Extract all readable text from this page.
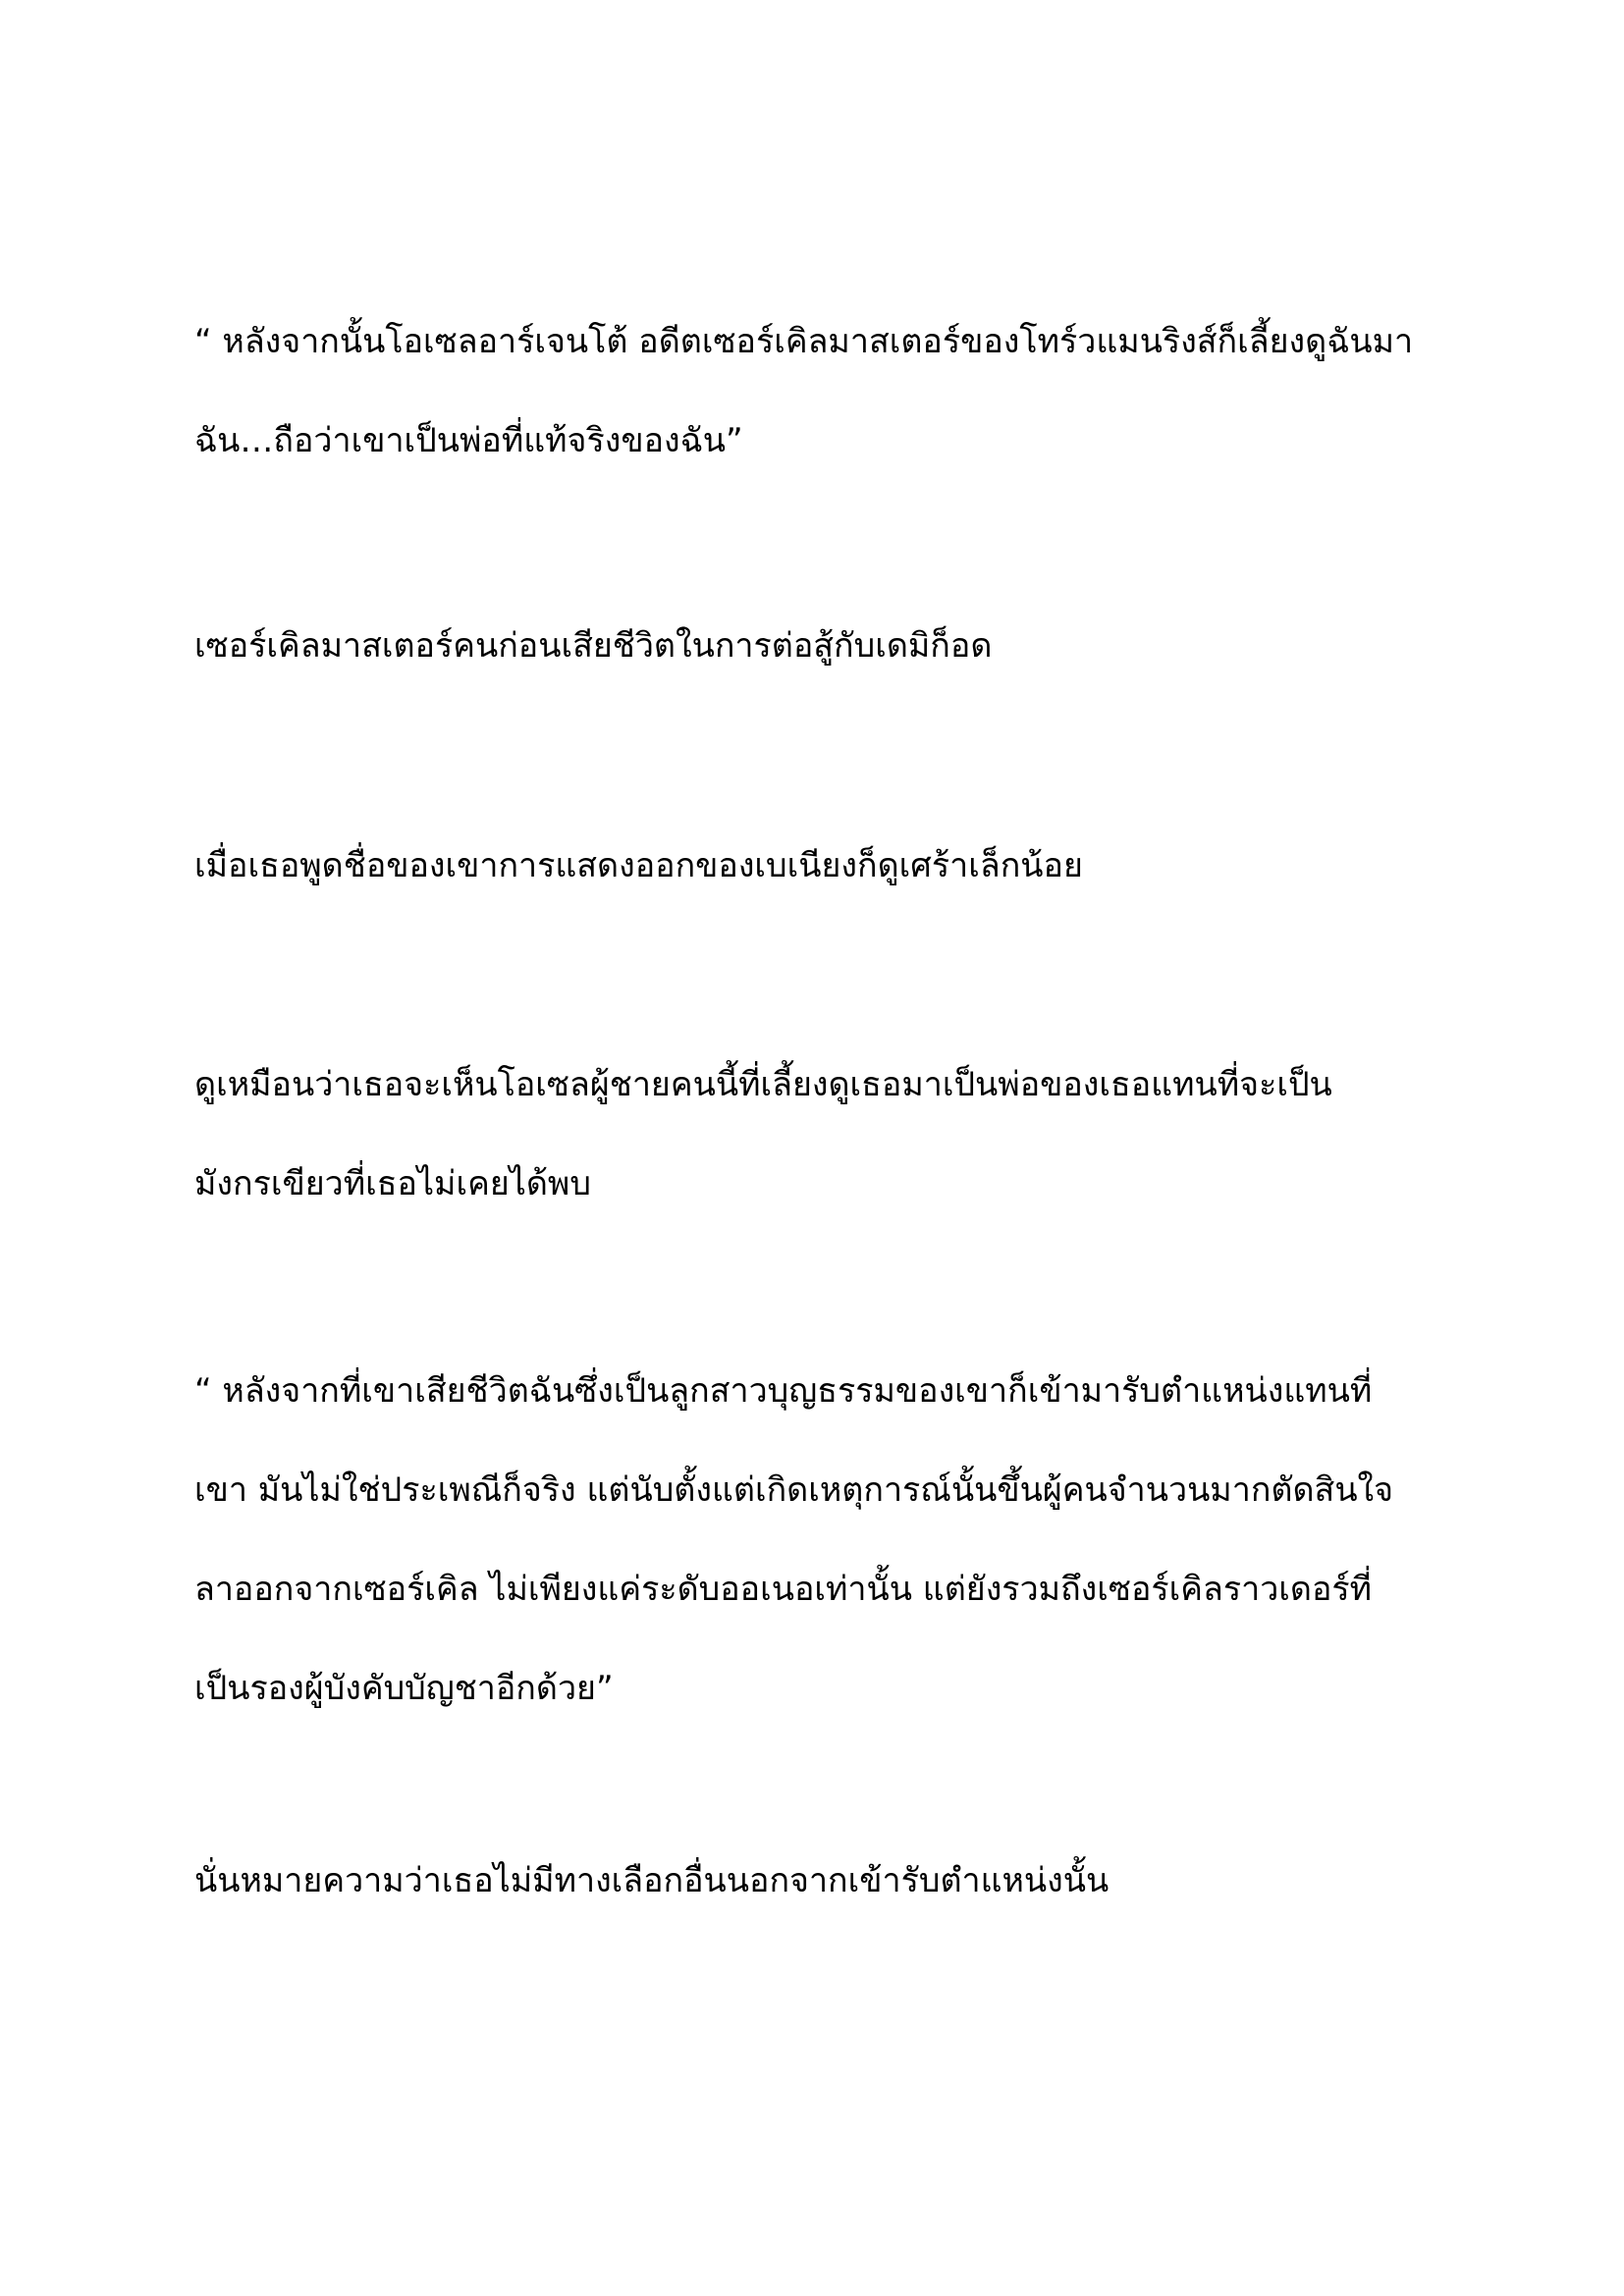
“ หลังจากนั้นโอเซลอาร์เจนโต้ อดีตเซอร์เคิลมาสเตอร์ของโทร์วแมนริงส์ก็เลี้ยงดูฉันมา
ฉัน…ถือว่าเขาเป็นพ่อที่แท้จริงของฉัน”

เซอร์เคิลมาสเตอร์คนก่อนเสียชีวิตในการต่อสู้กับเดมิก็อด

เมื่อเธอพูดชื่อของเขาการแสดงออกของเบเนียงก็ดูเศร้าเล็กน้อย

ดูเหมือนว่าเธอจะเห็นโอเซลผู้ชายคนนี้ที่เลี้ยงดูเธอมาเป็นพ่อของเธอแทนที่จะเป็น
มังกรเขียวที่เธอไม่เคยได้พบ

“ หลังจากที่เขาเสียชีวิตฉันซึ่งเป็นลูกสาวบุญธรรมของเขาก็เข้ามารับตำแหน่งแทนที่
เขา มันไม่ใช่ประเพณีก็จริง แต่นับตั้งแต่เกิดเหตุการณ์นั้นขึ้นผู้คนจำนวนมากตัดสินใจ
ลาออกจากเซอร์เคิล ไม่เพียงแค่ระดับออเนอเท่านั้น แต่ยังรวมถึงเซอร์เคิลราวเดอร์ที่
เป็นรองผู้บังคับบัญชาอีกด้วย”

นั่นหมายความว่าเธอไม่มีทางเลือกอื่นนอกจากเข้ารับตำแหน่งนั้น
